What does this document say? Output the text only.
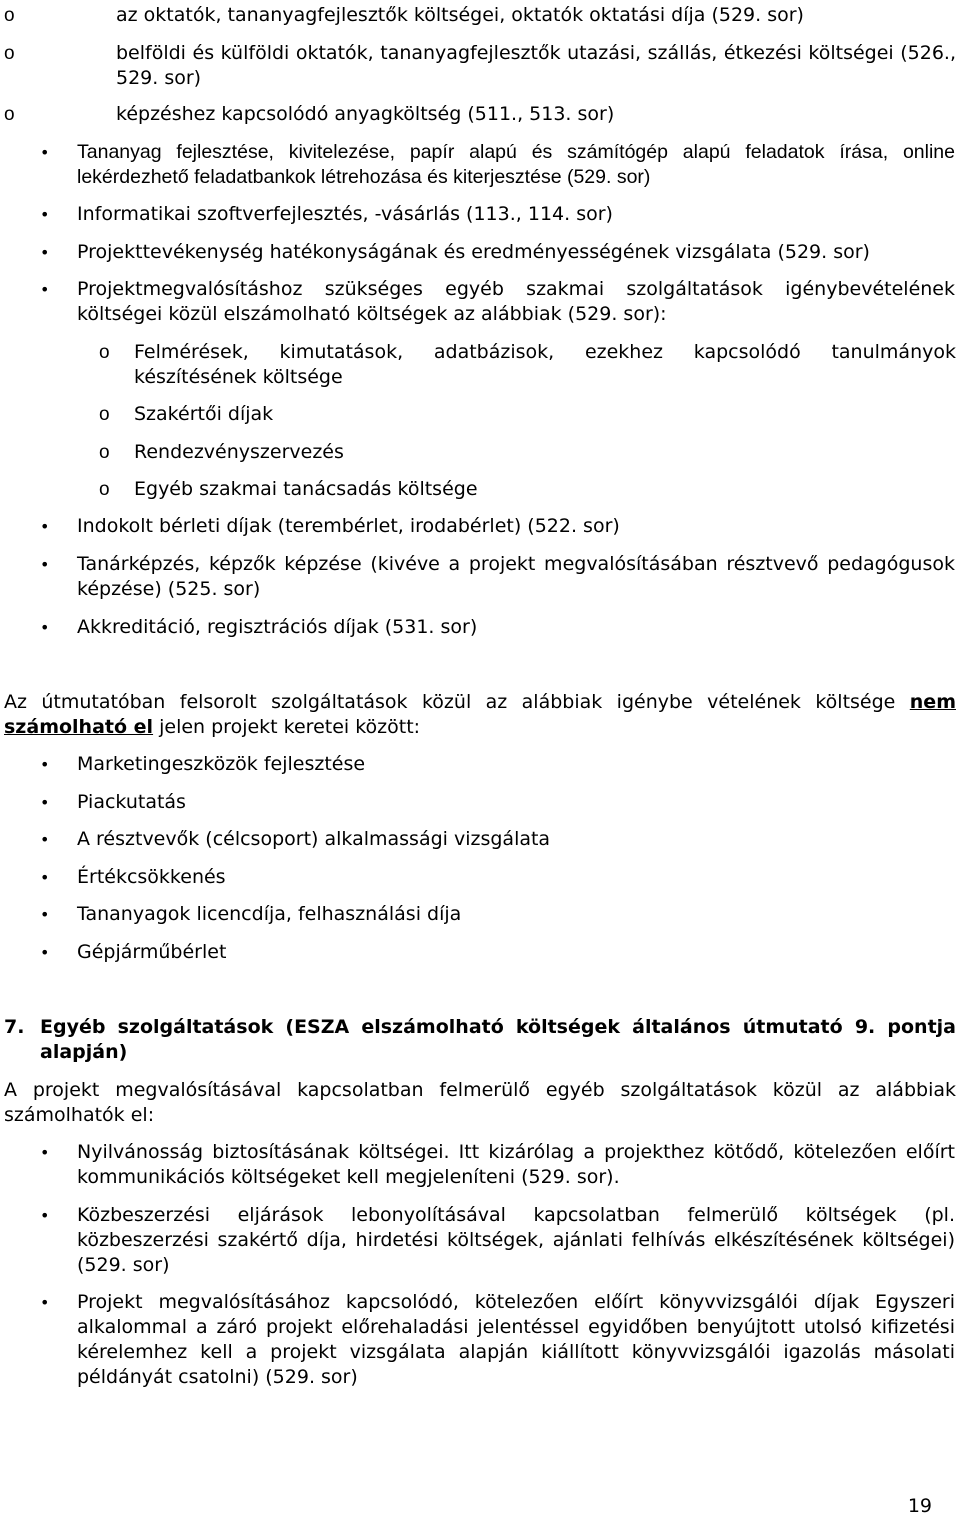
o	az oktatók, tananyagfejlesztők költségei, oktatók oktatási díja (529. sor)
o	belföldi és külföldi oktatók, tananyagfejlesztők utazási, szállás, étkezési költségei (526., 529. sor)
o	képzéshez kapcsolódó anyagköltség (511., 513. sor)
• Tananyag fejlesztése, kivitelezése, papír alapú és számítógép alapú feladatok írása, online lekérdezhető feladatbankok létrehozása és kiterjesztése (529. sor)
• Informatikai szoftverfejlesztés, -vásárlás (113., 114. sor)
• Projekttevékenység hatékonyságának és eredményességének vizsgálata (529. sor)
• Projektmegvalósításhoz szükséges egyéb szakmai szolgáltatások igénybevételének költségei közül elszámolható költségek az alábbiak (529. sor):
o Felmérések, kimutatások, adatbázisok, ezekhez kapcsolódó tanulmányok készítésének költsége
o Szakértői díjak
o Rendezvényszervezés
o Egyéb szakmai tanácsadás költsége
• Indokolt bérleti díjak (terembérlet, irodabérlet) (522. sor)
• Tanárképzés, képzők képzése (kivéve a projekt megvalósításában résztvevő pedagógusok képzése) (525. sor)
• Akkreditáció, regisztrációs díjak (531. sor)
Az útmutatóban felsorolt szolgáltatások közül az alábbiak igénybe vételének költsége nem számolható el jelen projekt keretei között:
• Marketingeszközök fejlesztése
• Piackutatás
• A résztvevők (célcsoport) alkalmassági vizsgálata
• Értékcsökkenés
• Tananyagok licencdíja, felhasználási díja
• Gépjárműbérlet
7. Egyéb szolgáltatások (ESZA elszámolható költségek általános útmutató 9. pontja alapján)
A projekt megvalósításával kapcsolatban felmerülő egyéb szolgáltatások közül az alábbiak számolhatók el:
• Nyilvánosság biztosításának költségei. Itt kizárólag a projekthez kötődő, kötelezően előírt kommunikációs költségeket kell megjeleníteni (529. sor).
• Közbeszerzési eljárások lebonyolításával kapcsolatban felmerülő költségek (pl. közbeszerzési szakértő díja, hirdetési költségek, ajánlati felhívás elkészítésének költségei) (529. sor)
• Projekt megvalósításához kapcsolódó, kötelezően előírt könyvvizsgálói díjak Egyszeri alkalommal a záró projekt előrehaladási jelentéssel egyidőben benyújtott utolsó kifizetési kérelemhez kell a projekt vizsgálata alapján kiállított könyvvizsgálói igazolás másolati példányát csatolni) (529. sor)
19
